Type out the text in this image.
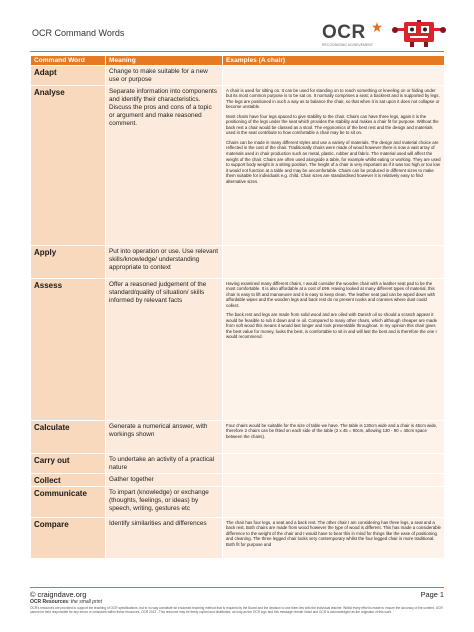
OCR Command Words	OCR
RECOGNISING ACHIEVEMENT
Command Word	Meaning	Examples (A chair)
Adapt	Change to make suitable for a new use or purpose	
Analyse	Separate information into components and identify their characteristics. Discuss the pros and cons of a topic or argument and make reasoned comment.	A chair is used for sitting on. It can be used for standing on to reach something or kneeling on or hiding under but its most common purpose is to be sat on. It normally comprises a seat; a backrest and is supported by legs. The legs are positioned in such a way as to balance the chair, so that when it is sat upon it does not collapse or become unstable.

Most chairs have four legs spaced to give stability to the chair. Chairs can have three legs, again it is the positioning of the legs under the seat which provides the stability and makes a chair fit for purpose. Without the back rest a chair would be classed as a stool. The ergonomics of the best rest and the design and materials used in the seat contribute to how comfortable a chair may be to sit on.

Chairs can be made in many different styles and use a variety of materials. The design and material choice are reflected in the cost of the chair. Traditionally chairs were made of wood however there is now a vast array of materials used in chair production such as metal, plastic, rubber and fabric. The material used will affect the weight of the chair. Chairs are often used alongside a table, for example whilst eating or working. They are used to support body weight in a sitting position. The height of a chair is very important as if it was too high or too low it would not function at a table and may be uncomfortable. Chairs can be produced in different sizes to make them suitable for individuals e.g. child. Chair sizes are standardised however it is relatively easy to find alternative sizes.

Apply	Put into operation or use. Use relevant skills/knowledge/ understanding appropriate to context	
Assess	Offer a reasoned judgement of the standard/quality of situation/ skills informed by relevant facts	Having examined many different chairs, I would consider the wooden chair with a leather seat pad to be the most comfortable. It is also affordable at a cost of £99. Having looked at many different types of material, this chair is easy to lift and manoeuvre and it is easy to keep clean. The leather seat pad can be wiped down with affordable wipes and the wooden legs and back rest do no present nooks and crannies where dust could collect.

The back rest and legs are made from solid wood and are oiled with Danish oil so should a scratch appear it would be feasible to rub it down and re oil. Compared to many other chairs, which although cheaper are made from soft wood this means it would last longer and look presentable throughout. In my opinion this chair gives the best value for money, looks the best, is comfortable to sit in and will last the best and is therefore the one I would recommend.

Calculate	Generate a numerical answer, with workings shown	Four chairs would be suitable for the size of table we have. The table is 130cm wide and a chair is 45cm wide, therefore 2 chairs can be fitted on each side of the table (2 x 45 = 90cm, allowing 130 - 90 = 40cm space between the chairs).

Carry out	To undertake an activity of a practical nature	
Collect	Gather together	
Communicate	To impart (knowledge) or exchange (thoughts, feelings, or ideas) by speech, writing, gestures etc	
Compare	Identify similarities and differences	The chair has four legs, a seat and a back rest. The other chair I am considering has three legs, a seat and a back rest. Both chairs are made from wood however the type of wood is different. This has made a considerable difference to the weight of the chair and I would have to bear this in mind for things like the ease of positioning and cleaning. The three legged chair looks very contemporary whilst the four legged chair is more traditional. Both fit for purpose and

© craigndave.org	Page 1
OCR Resources: the small print
OCR's resources are provided to support the teaching of OCR specifications, but in no way constitute an endorsed teaching method that is required by the Board and the decision to use them lies with the individual teacher. Whilst every effort is made to ensure the accuracy of the content, OCR cannot be held responsible for any errors or omissions within these resources. OCR 2013 - This resource may be freely copied and distributed, as long as the OCR logo and this message remain intact and OCR is acknowledged as the originator of this work.
